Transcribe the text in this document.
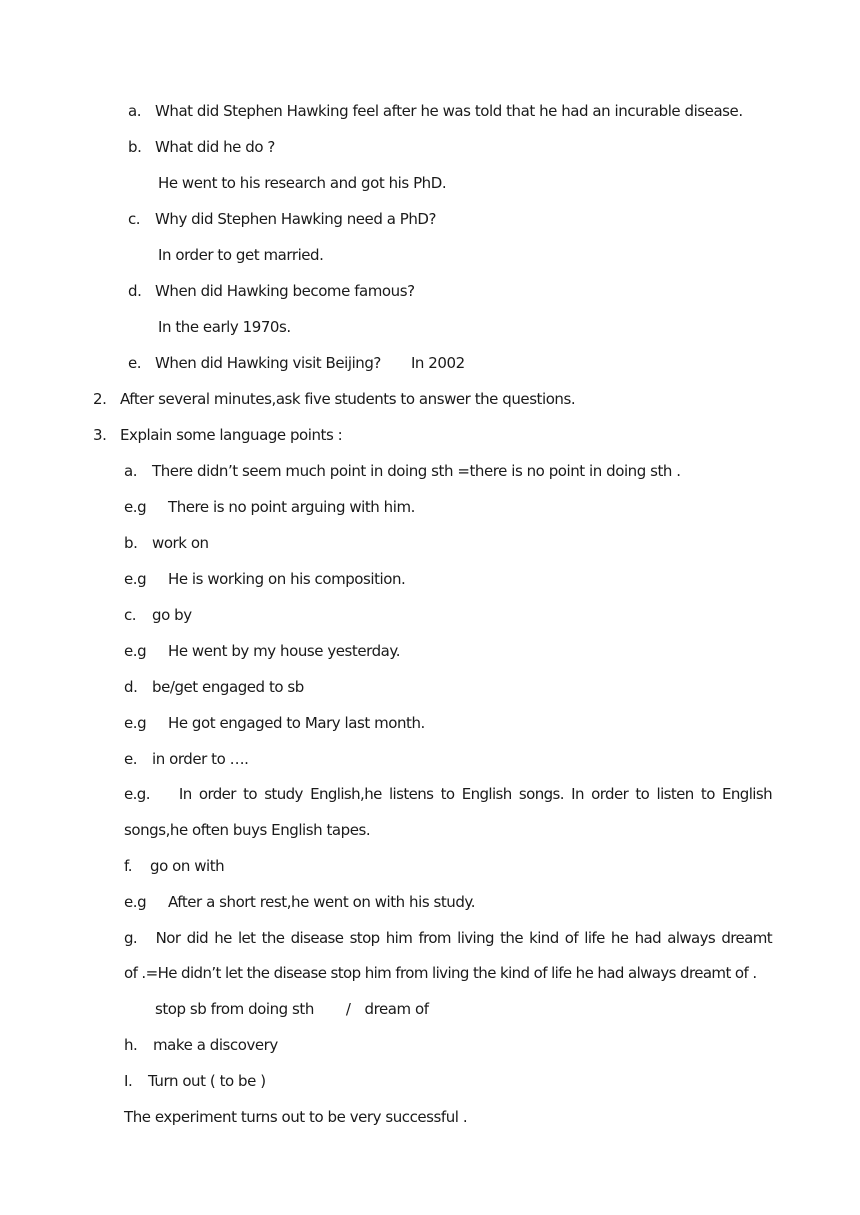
a. What did Stephen Hawking feel after he was told that he had an incurable disease.
b. What did he do ?
He went to his research and got his PhD.
c. Why did Stephen Hawking need a PhD?
In order to get married.
d. When did Hawking become famous?
In the early 1970s.
e. When did Hawking visit Beijing? In 2002
2. After several minutes,ask five students to answer the questions.
3. Explain some language points :
a. There didn’t seem much point in doing sth =there is no point in doing sth .
e.g There is no point arguing with him.
b. work on
e.g He is working on his composition.
c. go by
e.g He went by my house yesterday.
d. be/get engaged to sb
e.g He got engaged to Mary last month.
e. in order to ….
e.g. In order to study English,he listens to English songs. In order to listen to English
songs,he often buys English tapes.
f. go on with
e.g After a short rest,he went on with his study.
g. Nor did he let the disease stop him from living the kind of life he had always dreamt
of .=He didn’t let the disease stop him from living the kind of life he had always dreamt of .
stop sb from doing sth / dream of
h. make a discovery
I. Turn out ( to be )
The experiment turns out to be very successful .
